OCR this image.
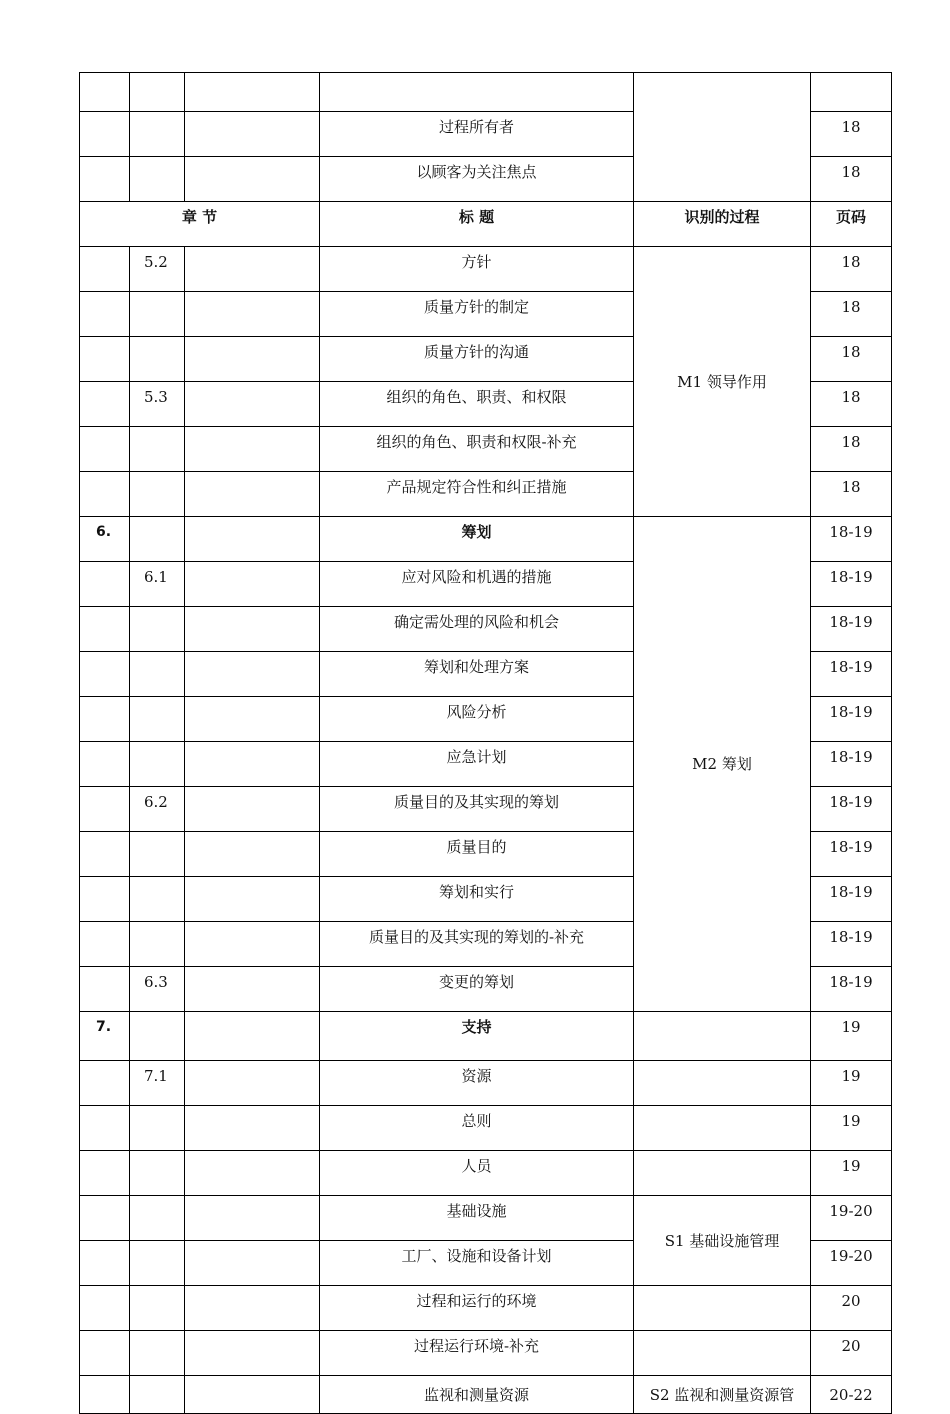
			过程所有者		18
			以顾客为关注焦点		18
章 节			标 题	识别的过程	页码
	5.2		方针	M1 领导作用	18
			质量方针的制定		18
			质量方针的沟通		18
	5.3		组织的角色、职责、和权限		18
			组织的角色、职责和权限-补充		18
			产品规定符合性和纠正措施		18
6.			筹划	M2 筹划	18-19
	6.1		应对风险和机遇的措施		18-19
			确定需处理的风险和机会		18-19
			筹划和处理方案		18-19
			风险分析		18-19
			应急计划		18-19
	6.2		质量目的及其实现的筹划		18-19
			质量目的		18-19
			筹划和实行		18-19
			质量目的及其实现的筹划的-补充		18-19
	6.3		变更的筹划		18-19
7.			支持		19
	7.1		资源		19
			总则		19
			人员		19
			基础设施	S1 基础设施管理	19-20
			工厂、设施和设备计划		19-20
			过程和运行的环境		20
			过程运行环境-补充		20
			监视和测量资源	S2 监视和测量资源管	20-22
